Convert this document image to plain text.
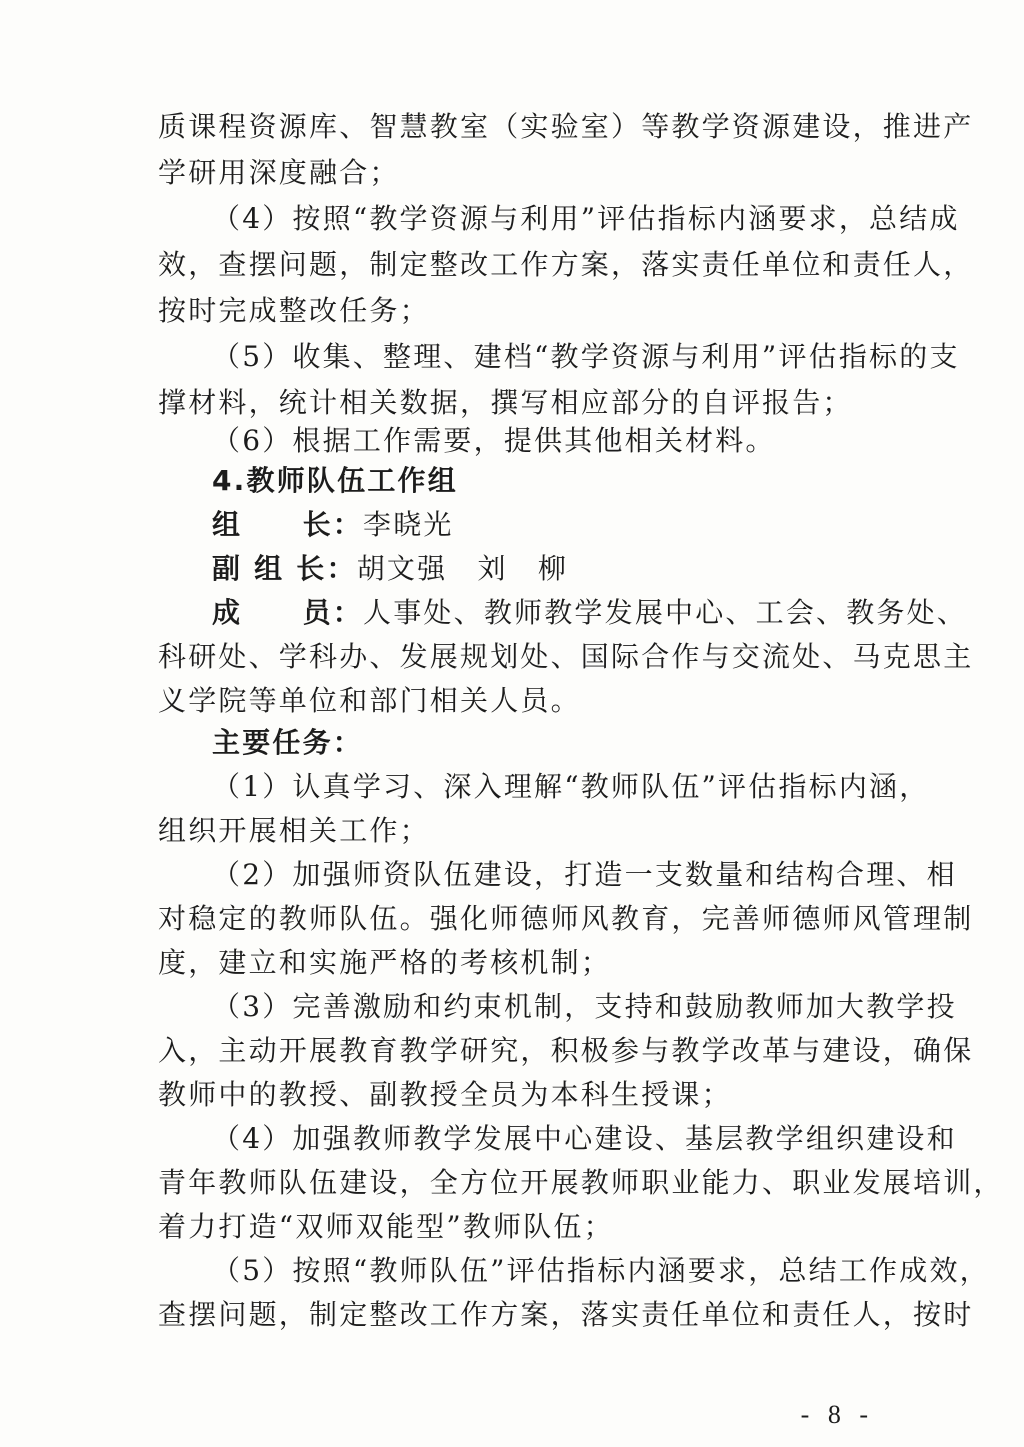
质课程资源库、智慧教室（实验室）等教学资源建设，推进产
学研用深度融合；
（4）按照“教学资源与利用”评估指标内涵要求，总结成
效，查摆问题，制定整改工作方案，落实责任单位和责任人，
按时完成整改任务；
（5）收集、整理、建档“教学资源与利用”评估指标的支
撑材料，统计相关数据，撰写相应部分的自评报告；
（6）根据工作需要，提供其他相关材料。
4.教师队伍工作组
组　　长：李晓光
副 组 长：胡文强　刘　柳
成　　员：人事处、教师教学发展中心、工会、教务处、
科研处、学科办、发展规划处、国际合作与交流处、马克思主
义学院等单位和部门相关人员。
主要任务：
（1）认真学习、深入理解“教师队伍”评估指标内涵，
组织开展相关工作；
（2）加强师资队伍建设，打造一支数量和结构合理、相
对稳定的教师队伍。强化师德师风教育，完善师德师风管理制
度，建立和实施严格的考核机制；
（3）完善激励和约束机制，支持和鼓励教师加大教学投
入，主动开展教育教学研究，积极参与教学改革与建设，确保
教师中的教授、副教授全员为本科生授课；
（4）加强教师教学发展中心建设、基层教学组织建设和
青年教师队伍建设，全方位开展教师职业能力、职业发展培训，
着力打造“双师双能型”教师队伍；
（5）按照“教师队伍”评估指标内涵要求，总结工作成效，
查摆问题，制定整改工作方案，落实责任单位和责任人，按时
- 8 -
